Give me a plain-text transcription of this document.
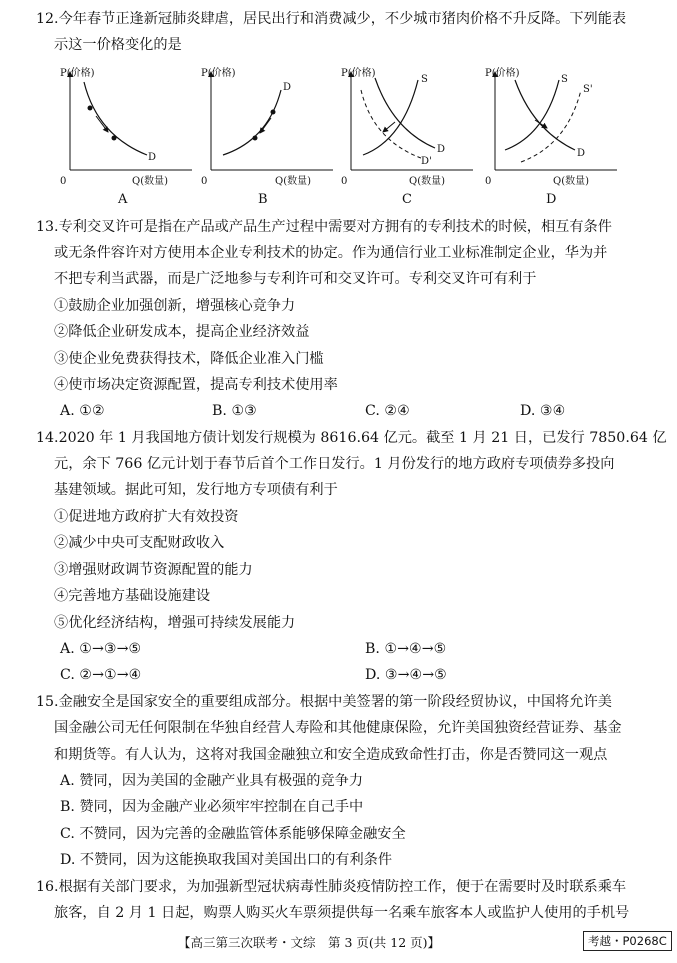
12.今年春节正逢新冠肺炎肆虐，居民出行和消费减少，不少城市猪肉价格不升反降。下列能表
示这一价格变化的是
P(价格)
0	Q(数量)
D
A
P(价格)
0	Q(数量)
D
B
P(价格)
0	Q(数量)
S
D
D'
C
P(价格)
0	Q(数量)
S
S'
D
D
13.专利交叉许可是指在产品或产品生产过程中需要对方拥有的专利技术的时候，相互有条件
或无条件容许对方使用本企业专利技术的协定。作为通信行业工业标准制定企业，华为并
不把专利当武器，而是广泛地参与专利许可和交叉许可。专利交叉许可有利于
①鼓励企业加强创新，增强核心竞争力
②降低企业研发成本，提高企业经济效益
③使企业免费获得技术，降低企业准入门槛
④使市场决定资源配置，提高专利技术使用率
A. ①②	B. ①③	C. ②④	D. ③④
14.2020 年 1 月我国地方债计划发行规模为 8616.64 亿元。截至 1 月 21 日，已发行 7850.64 亿
元，余下 766 亿元计划于春节后首个工作日发行。1 月份发行的地方政府专项债券多投向
基建领域。据此可知，发行地方专项债有利于
①促进地方政府扩大有效投资
②减少中央可支配财政收入
③增强财政调节资源配置的能力
④完善地方基础设施建设
⑤优化经济结构，增强可持续发展能力
A. ①→③→⑤	B. ①→④→⑤
C. ②→①→④	D. ③→④→⑤
15.金融安全是国家安全的重要组成部分。根据中美签署的第一阶段经贸协议，中国将允许美
国金融公司无任何限制在华独自经营人寿险和其他健康保险，允许美国独资经营证券、基金
和期货等。有人认为，这将对我国金融独立和安全造成致命性打击，你是否赞同这一观点
A. 赞同，因为美国的金融产业具有极强的竞争力
B. 赞同，因为金融产业必须牢牢控制在自己手中
C. 不赞同，因为完善的金融监管体系能够保障金融安全
D. 不赞同，因为这能换取我国对美国出口的有利条件
16.根据有关部门要求，为加强新型冠状病毒性肺炎疫情防控工作，便于在需要时及时联系乘车
旅客，自 2 月 1 日起，购票人购买火车票须提供每一名乘车旅客本人或监护人使用的手机号
【高三第三次联考・文综　第 3 页(共 12 页)】	考越・P0268C
